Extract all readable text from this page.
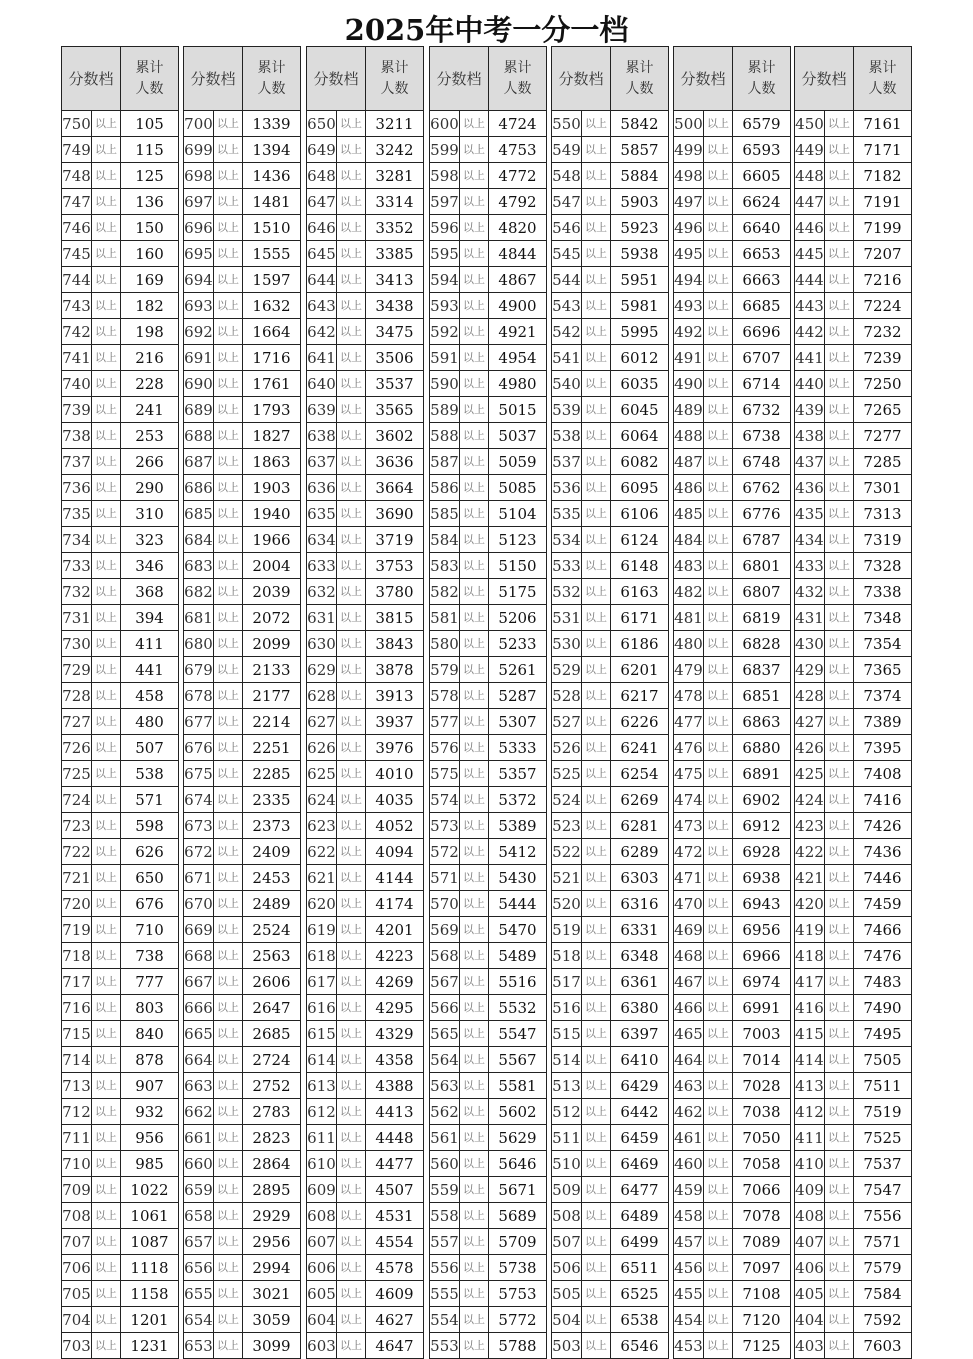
2025年中考一分一档
分数档		累计
人数
750	以上	105
749	以上	115
748	以上	125
747	以上	136
746	以上	150
745	以上	160
744	以上	169
743	以上	182
742	以上	198
741	以上	216
740	以上	228
739	以上	241
738	以上	253
737	以上	266
736	以上	290
735	以上	310
734	以上	323
733	以上	346
732	以上	368
731	以上	394
730	以上	411
729	以上	441
728	以上	458
727	以上	480
726	以上	507
725	以上	538
724	以上	571
723	以上	598
722	以上	626
721	以上	650
720	以上	676
719	以上	710
718	以上	738
717	以上	777
716	以上	803
715	以上	840
714	以上	878
713	以上	907
712	以上	932
711	以上	956
710	以上	985
709	以上	1022
708	以上	1061
707	以上	1087
706	以上	1118
705	以上	1158
704	以上	1201
703	以上	1231
分数档		累计
人数
700	以上	1339
699	以上	1394
698	以上	1436
697	以上	1481
696	以上	1510
695	以上	1555
694	以上	1597
693	以上	1632
692	以上	1664
691	以上	1716
690	以上	1761
689	以上	1793
688	以上	1827
687	以上	1863
686	以上	1903
685	以上	1940
684	以上	1966
683	以上	2004
682	以上	2039
681	以上	2072
680	以上	2099
679	以上	2133
678	以上	2177
677	以上	2214
676	以上	2251
675	以上	2285
674	以上	2335
673	以上	2373
672	以上	2409
671	以上	2453
670	以上	2489
669	以上	2524
668	以上	2563
667	以上	2606
666	以上	2647
665	以上	2685
664	以上	2724
663	以上	2752
662	以上	2783
661	以上	2823
660	以上	2864
659	以上	2895
658	以上	2929
657	以上	2956
656	以上	2994
655	以上	3021
654	以上	3059
653	以上	3099
分数档		累计
人数
650	以上	3211
649	以上	3242
648	以上	3281
647	以上	3314
646	以上	3352
645	以上	3385
644	以上	3413
643	以上	3438
642	以上	3475
641	以上	3506
640	以上	3537
639	以上	3565
638	以上	3602
637	以上	3636
636	以上	3664
635	以上	3690
634	以上	3719
633	以上	3753
632	以上	3780
631	以上	3815
630	以上	3843
629	以上	3878
628	以上	3913
627	以上	3937
626	以上	3976
625	以上	4010
624	以上	4035
623	以上	4052
622	以上	4094
621	以上	4144
620	以上	4174
619	以上	4201
618	以上	4223
617	以上	4269
616	以上	4295
615	以上	4329
614	以上	4358
613	以上	4388
612	以上	4413
611	以上	4448
610	以上	4477
609	以上	4507
608	以上	4531
607	以上	4554
606	以上	4578
605	以上	4609
604	以上	4627
603	以上	4647
分数档		累计
人数
600	以上	4724
599	以上	4753
598	以上	4772
597	以上	4792
596	以上	4820
595	以上	4844
594	以上	4867
593	以上	4900
592	以上	4921
591	以上	4954
590	以上	4980
589	以上	5015
588	以上	5037
587	以上	5059
586	以上	5085
585	以上	5104
584	以上	5123
583	以上	5150
582	以上	5175
581	以上	5206
580	以上	5233
579	以上	5261
578	以上	5287
577	以上	5307
576	以上	5333
575	以上	5357
574	以上	5372
573	以上	5389
572	以上	5412
571	以上	5430
570	以上	5444
569	以上	5470
568	以上	5489
567	以上	5516
566	以上	5532
565	以上	5547
564	以上	5567
563	以上	5581
562	以上	5602
561	以上	5629
560	以上	5646
559	以上	5671
558	以上	5689
557	以上	5709
556	以上	5738
555	以上	5753
554	以上	5772
553	以上	5788
分数档		累计
人数
550	以上	5842
549	以上	5857
548	以上	5884
547	以上	5903
546	以上	5923
545	以上	5938
544	以上	5951
543	以上	5981
542	以上	5995
541	以上	6012
540	以上	6035
539	以上	6045
538	以上	6064
537	以上	6082
536	以上	6095
535	以上	6106
534	以上	6124
533	以上	6148
532	以上	6163
531	以上	6171
530	以上	6186
529	以上	6201
528	以上	6217
527	以上	6226
526	以上	6241
525	以上	6254
524	以上	6269
523	以上	6281
522	以上	6289
521	以上	6303
520	以上	6316
519	以上	6331
518	以上	6348
517	以上	6361
516	以上	6380
515	以上	6397
514	以上	6410
513	以上	6429
512	以上	6442
511	以上	6459
510	以上	6469
509	以上	6477
508	以上	6489
507	以上	6499
506	以上	6511
505	以上	6525
504	以上	6538
503	以上	6546
分数档		累计
人数
500	以上	6579
499	以上	6593
498	以上	6605
497	以上	6624
496	以上	6640
495	以上	6653
494	以上	6663
493	以上	6685
492	以上	6696
491	以上	6707
490	以上	6714
489	以上	6732
488	以上	6738
487	以上	6748
486	以上	6762
485	以上	6776
484	以上	6787
483	以上	6801
482	以上	6807
481	以上	6819
480	以上	6828
479	以上	6837
478	以上	6851
477	以上	6863
476	以上	6880
475	以上	6891
474	以上	6902
473	以上	6912
472	以上	6928
471	以上	6938
470	以上	6943
469	以上	6956
468	以上	6966
467	以上	6974
466	以上	6991
465	以上	7003
464	以上	7014
463	以上	7028
462	以上	7038
461	以上	7050
460	以上	7058
459	以上	7066
458	以上	7078
457	以上	7089
456	以上	7097
455	以上	7108
454	以上	7120
453	以上	7125
分数档		累计
人数
450	以上	7161
449	以上	7171
448	以上	7182
447	以上	7191
446	以上	7199
445	以上	7207
444	以上	7216
443	以上	7224
442	以上	7232
441	以上	7239
440	以上	7250
439	以上	7265
438	以上	7277
437	以上	7285
436	以上	7301
435	以上	7313
434	以上	7319
433	以上	7328
432	以上	7338
431	以上	7348
430	以上	7354
429	以上	7365
428	以上	7374
427	以上	7389
426	以上	7395
425	以上	7408
424	以上	7416
423	以上	7426
422	以上	7436
421	以上	7446
420	以上	7459
419	以上	7466
418	以上	7476
417	以上	7483
416	以上	7490
415	以上	7495
414	以上	7505
413	以上	7511
412	以上	7519
411	以上	7525
410	以上	7537
409	以上	7547
408	以上	7556
407	以上	7571
406	以上	7579
405	以上	7584
404	以上	7592
403	以上	7603
